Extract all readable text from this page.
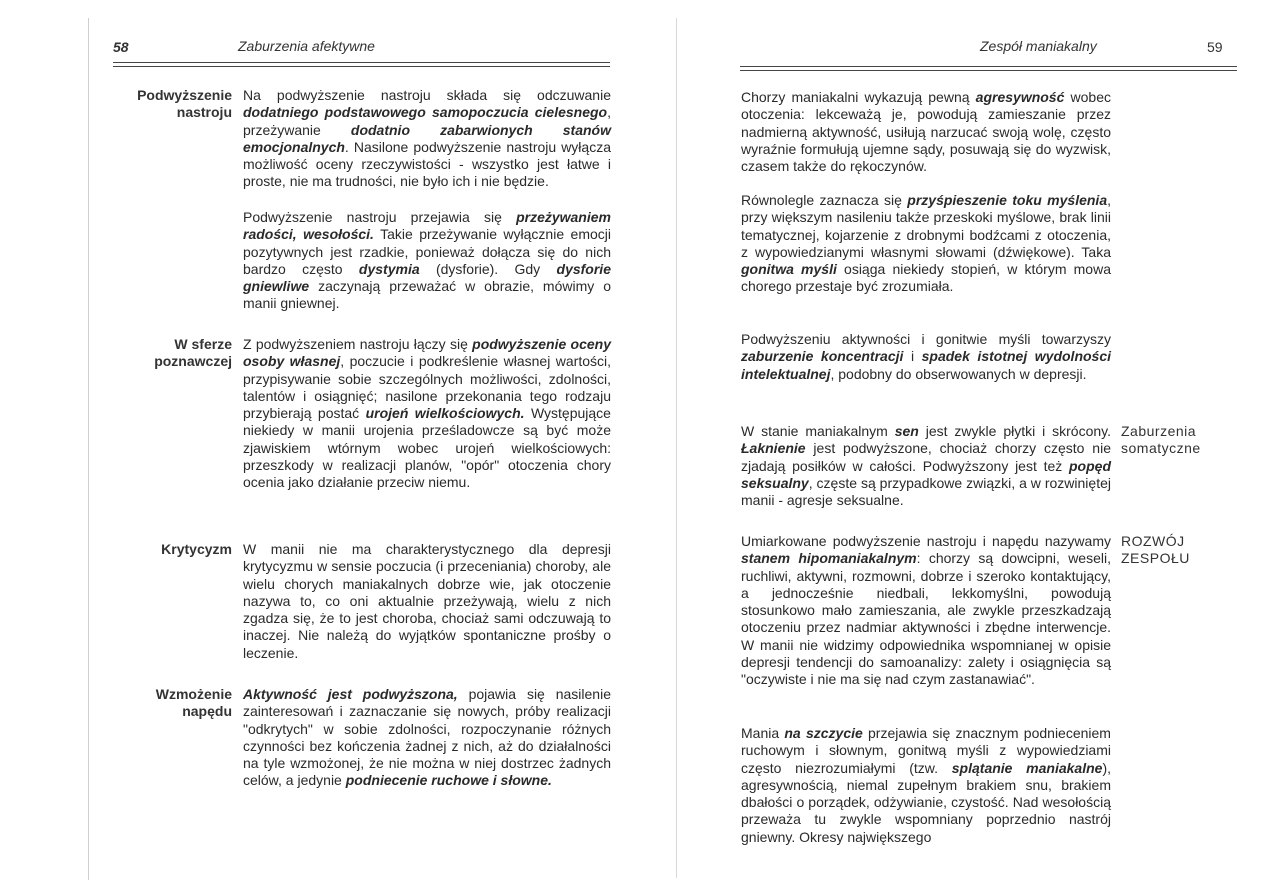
58	Zaburzenia afektywne
Podwyższenie
nastroju
W sferze
poznawczej
Krytycyzm
Wzmożenie
napędu
Na podwyższenie nastroju składa się odczuwanie dodatniego podstawowego samopoczucia cielesnego, przeżywanie dodatnio zabarwionych stanów emocjonalnych. Nasilone podwyższenie nastroju wyłącza możliwość oceny rzeczywistości - wszystko jest łatwe i proste, nie ma trudności, nie było ich i nie będzie.
Podwyższenie nastroju przejawia się przeżywaniem radości, wesołości. Takie przeżywanie wyłącznie emocji pozytywnych jest rzadkie, ponieważ dołącza się do nich bardzo często dystymia (dysforie). Gdy dysforie gniewliwe zaczynają przeważać w obrazie, mówimy o manii gniewnej.
Z podwyższeniem nastroju łączy się podwyższenie oceny osoby własnej, poczucie i podkreślenie własnej wartości, przypisywanie sobie szczególnych możliwości, zdolności, talentów i osiągnięć; nasilone przekonania tego rodzaju przybierają postać urojeń wielkościowych. Występujące niekiedy w manii urojenia prześladowcze są być może zjawiskiem wtórnym wobec urojeń wielkościowych: przeszkody w realizacji planów, "opór" otoczenia chory ocenia jako działanie przeciw niemu.
W manii nie ma charakterystycznego dla depresji krytycyzmu w sensie poczucia (i przeceniania) choroby, ale wielu chorych maniakalnych dobrze wie, jak otoczenie nazywa to, co oni aktualnie przeżywają, wielu z nich zgadza się, że to jest choroba, chociaż sami odczuwają to inaczej. Nie należą do wyjątków spontaniczne prośby o leczenie.
Aktywność jest podwyższona, pojawia się nasilenie zainteresowań i zaznaczanie się nowych, próby realizacji "odkrytych" w sobie zdolności, rozpoczynanie różnych czynności bez kończenia żadnej z nich, aż do działalności na tyle wzmożonej, że nie można w niej dostrzec żadnych celów, a jedynie podniecenie ruchowe i słowne.
Zespół maniakalny	59
Zaburzenia
somatyczne
ROZWÓJ
ZESPOŁU
Chorzy maniakalni wykazują pewną agresywność wobec otoczenia: lekceważą je, powodują zamieszanie przez nadmierną aktywność, usiłują narzucać swoją wolę, często wyraźnie formułują ujemne sądy, posuwają się do wyzwisk, czasem także do rękoczynów.
Równolegle zaznacza się przyśpieszenie toku myślenia, przy większym nasileniu także przeskoki myślowe, brak linii tematycznej, kojarzenie z drobnymi bodźcami z otoczenia, z wypowiedzianymi własnymi słowami (dźwiękowe). Taka gonitwa myśli osiąga niekiedy stopień, w którym mowa chorego przestaje być zrozumiała.
Podwyższeniu aktywności i gonitwie myśli towarzyszy zaburzenie koncentracji i spadek istotnej wydolności intelektualnej, podobny do obserwowanych w depresji.
W stanie maniakalnym sen jest zwykle płytki i skrócony. Łaknienie jest podwyższone, chociaż chorzy często nie zjadają posiłków w całości. Podwyższony jest też popęd seksualny, częste są przypadkowe związki, a w rozwiniętej manii - agresje seksualne.
Umiarkowane podwyższenie nastroju i napędu nazywamy stanem hipomaniakalnym: chorzy są dowcipni, weseli, ruchliwi, aktywni, rozmowni, dobrze i szeroko kontaktujący, a jednocześnie niedbali, lekkomyślni, powodują stosunkowo mało zamieszania, ale zwykle przeszkadzają otoczeniu przez nadmiar aktywności i zbędne interwencje. W manii nie widzimy odpowiednika wspomnianej w opisie depresji tendencji do samoanalizy: zalety i osiągnięcia są "oczywiste i nie ma się nad czym zastanawiać".
Mania na szczycie przejawia się znacznym podnieceniem ruchowym i słownym, gonitwą myśli z wypowiedziami często niezrozumiałymi (tzw. splątanie maniakalne), agresywnością, niemal zupełnym brakiem snu, brakiem dbałości o porządek, odżywianie, czystość. Nad wesołością przeważa tu zwykle wspomniany poprzednio nastrój gniewny. Okresy największego
